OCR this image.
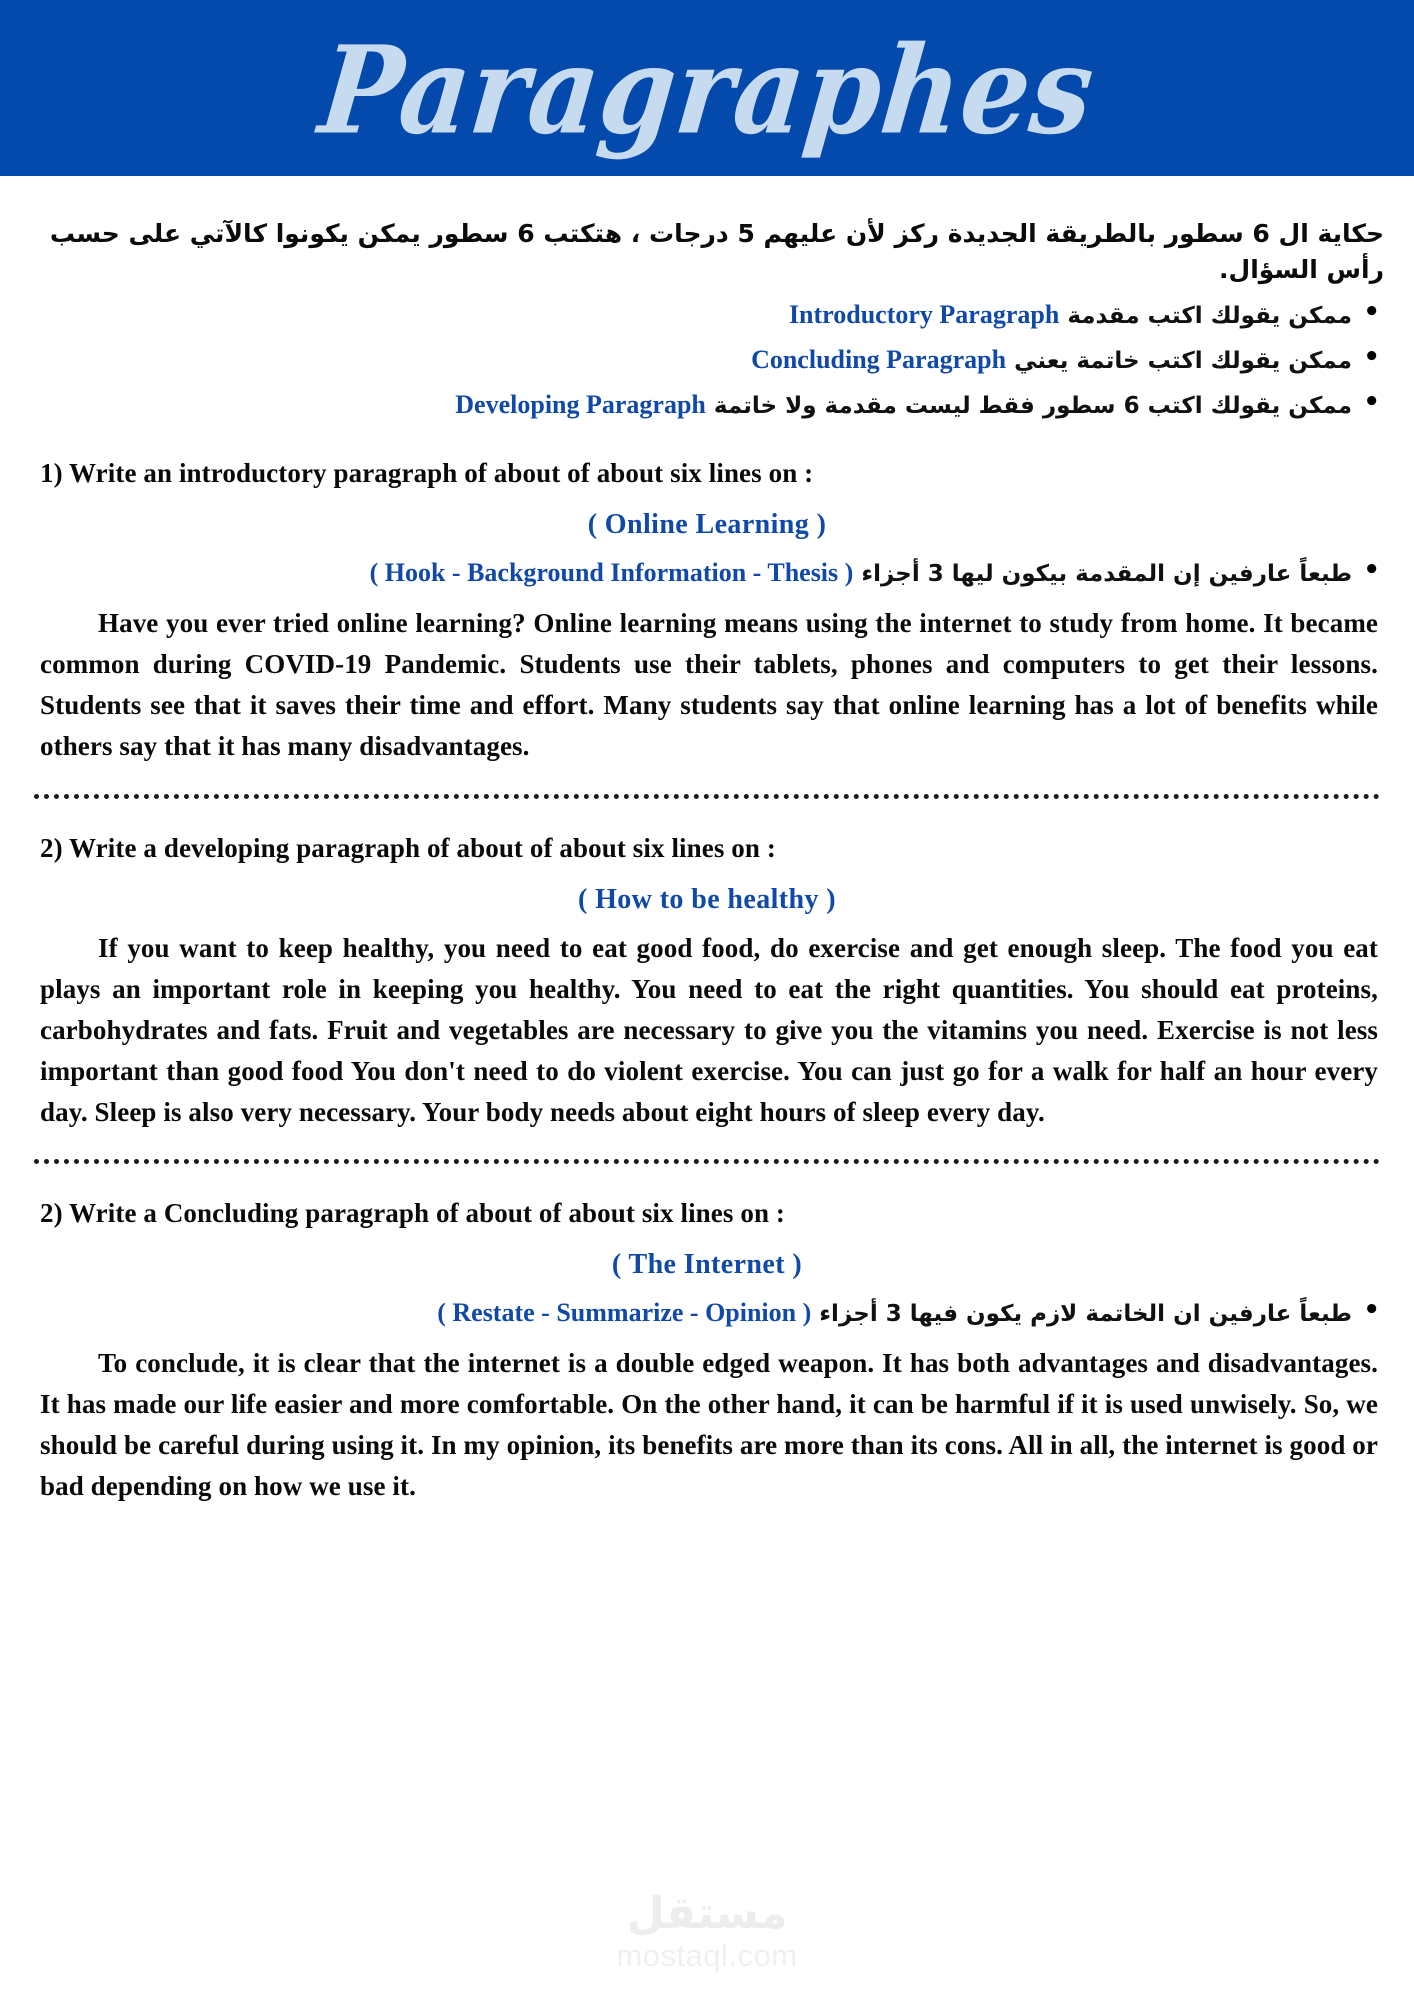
Paragraphes
حكاية ال 6 سطور بالطريقة الجديدة ركز لأن عليهم 5 درجات ، هتكتب 6 سطور يمكن يكونوا كالآتي على حسب رأس السؤال.
• ممكن يقولك اكتب مقدمة Introductory Paragraph
• ممكن يقولك اكتب خاتمة يعني Concluding Paragraph
• ممكن يقولك اكتب 6 سطور فقط ليست مقدمة ولا خاتمة Developing Paragraph
1) Write an introductory paragraph of about of about six lines on :
( Online Learning )
• طبعاً عارفين إن المقدمة بيكون ليها 3 أجزاء ( Hook - Background Information - Thesis )
Have you ever tried online learning? Online learning means using the internet to study from home. It became common during COVID-19 Pandemic. Students use their tablets, phones and computers to get their lessons. Students see that it saves their time and effort. Many students say that online learning has a lot of benefits while others say that it has many disadvantages.
2) Write a developing paragraph of about of about six lines on :
( How to be healthy )
If you want to keep healthy, you need to eat good food, do exercise and get enough sleep. The food you eat plays an important role in keeping you healthy. You need to eat the right quantities. You should eat proteins, carbohydrates and fats. Fruit and vegetables are necessary to give you the vitamins you need. Exercise is not less important than good food You don't need to do violent exercise. You can just go for a walk for half an hour every day. Sleep is also very necessary. Your body needs about eight hours of sleep every day.
2) Write a Concluding paragraph of about of about six lines on :
( The Internet )
• طبعاً عارفين ان الخاتمة لازم يكون فيها 3 أجزاء ( Restate - Summarize - Opinion )
To conclude, it is clear that the internet is a double edged weapon. It has both advantages and disadvantages. It has made our life easier and more comfortable. On the other hand, it can be harmful if it is used unwisely. So, we should be careful during using it. In my opinion, its benefits are more than its cons. All in all, the internet is good or bad depending on how we use it.
مستقل
mostaql.com
